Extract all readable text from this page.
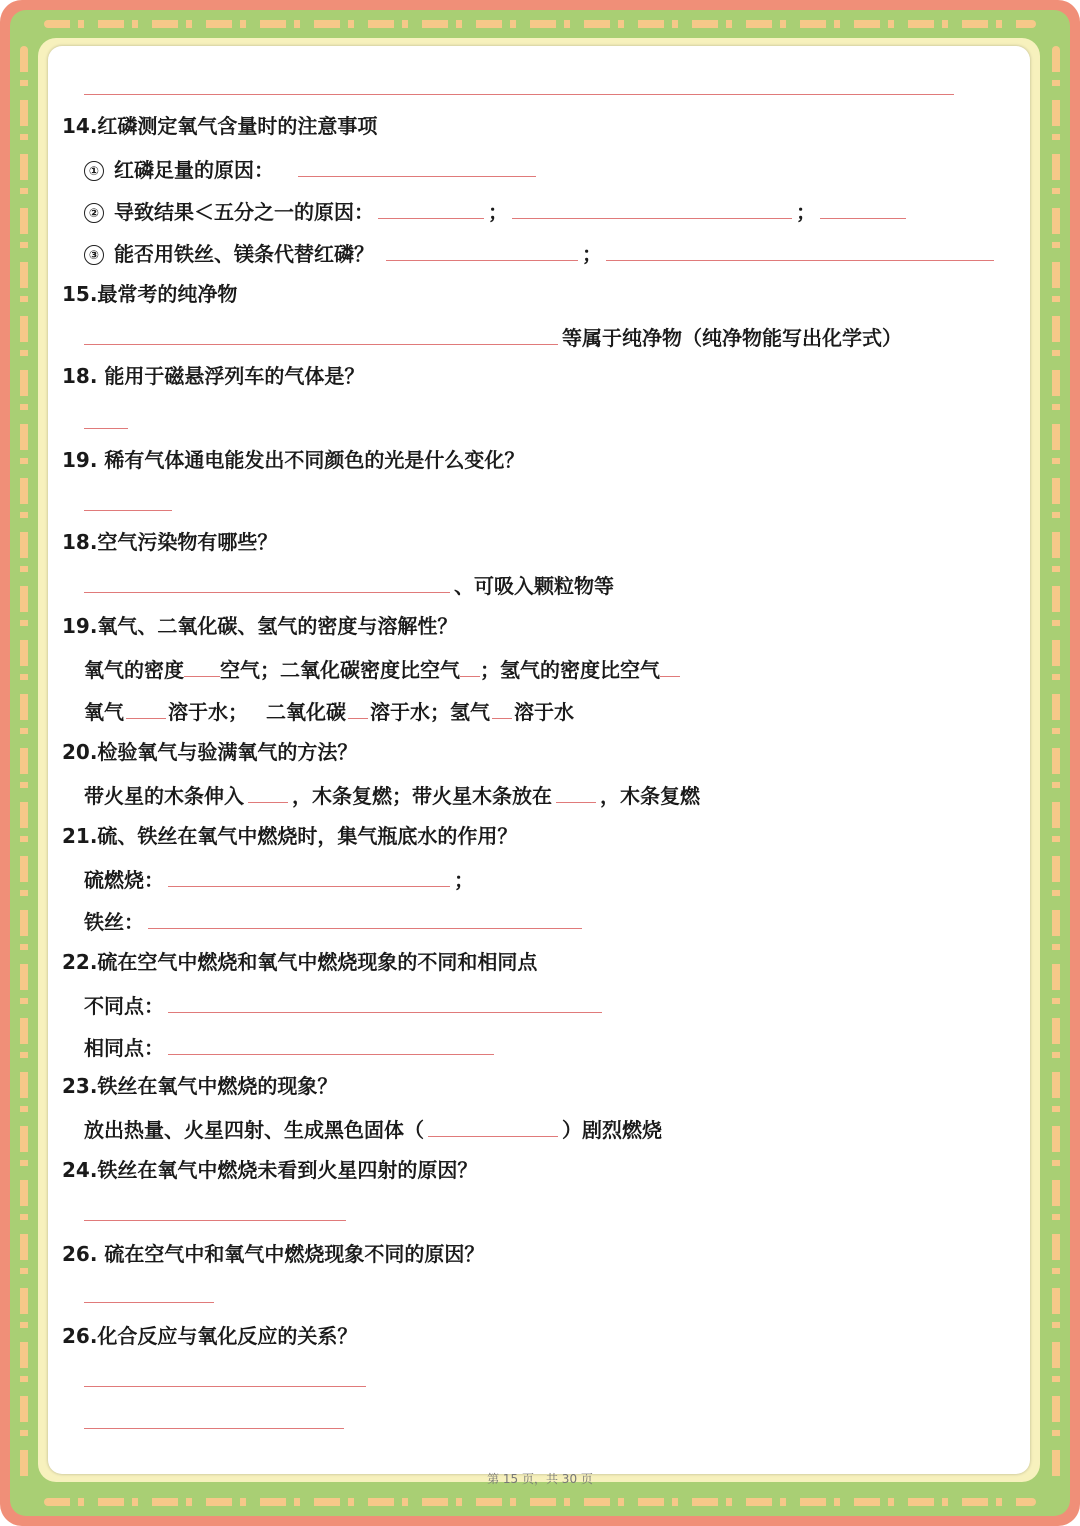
14.红磷测定氧气含量时的注意事项
① 红磷足量的原因：
② 导致结果＜五分之一的原因：	；	；
③ 能否用铁丝、镁条代替红磷？	；
15.最常考的纯净物
等属于纯净物（纯净物能写出化学式）
18. 能用于磁悬浮列车的气体是？
19. 稀有气体通电能发出不同颜色的光是什么变化？
18.空气污染物有哪些？
、可吸入颗粒物等
19.氧气、二氧化碳、氢气的密度与溶解性？
氧气的密度 空气；二氧化碳密度比空气 ；氢气的密度比空气
氧气 溶于水； 二氧化碳 溶于水；氢气 溶于水
20.检验氧气与验满氧气的方法？
带火星的木条伸入 ，木条复燃；带火星木条放在 ，木条复燃
21.硫、铁丝在氧气中燃烧时，集气瓶底水的作用？
硫燃烧：	；
铁丝：
22.硫在空气中燃烧和氧气中燃烧现象的不同和相同点
不同点：
相同点：
23.铁丝在氧气中燃烧的现象？
放出热量、火星四射、生成黑色固体（	）剧烈燃烧
24.铁丝在氧气中燃烧未看到火星四射的原因？
26. 硫在空气中和氧气中燃烧现象不同的原因？
26.化合反应与氧化反应的关系？
第 15 页，共 30 页
